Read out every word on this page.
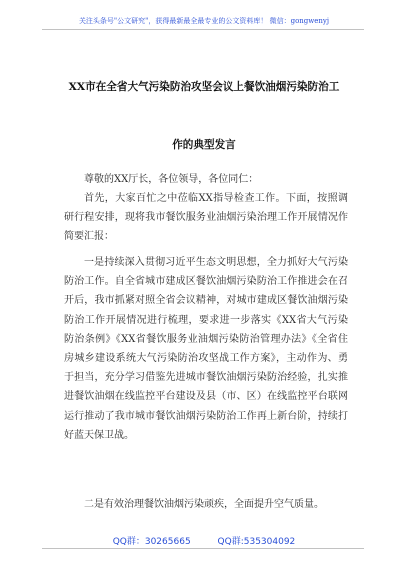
关注头条号"公文研究"，获得最新最全最专业的公文资料库！ 微信：gongwenyj
XX市在全省大气污染防治攻坚会议上餐饮油烟污染防治工
作的典型发言
尊敬的XX厅长，各位领导，各位同仁：
首先，大家百忙之中莅临XX指导检查工作。下面，按照调研行程安排，现将我市餐饮服务业油烟污染治理工作开展情况作简要汇报：
一是持续深入贯彻习近平生态文明思想，全力抓好大气污染防治工作。自全省城市建成区餐饮油烟污染防治工作推进会在召开后，我市抓紧对照全省会议精神，对城市建成区餐饮油烟污染防治工作开展情况进行梳理，要求进一步落实《XX省大气污染防治条例》《XX省餐饮服务业油烟污染防治管理办法》《全省住房城乡建设系统大气污染防治攻坚战工作方案》，主动作为、勇于担当，充分学习借鉴先进城市餐饮油烟污染防治经验，扎实推进餐饮油烟在线监控平台建设及县（市、区）在线监控平台联网运行推动了我市城市餐饮油烟污染防治工作再上新台阶，持续打好蓝天保卫战。
二是有效治理餐饮油烟污染顽疾，全面提升空气质量。
QQ群：30265665	QQ群:535304092
